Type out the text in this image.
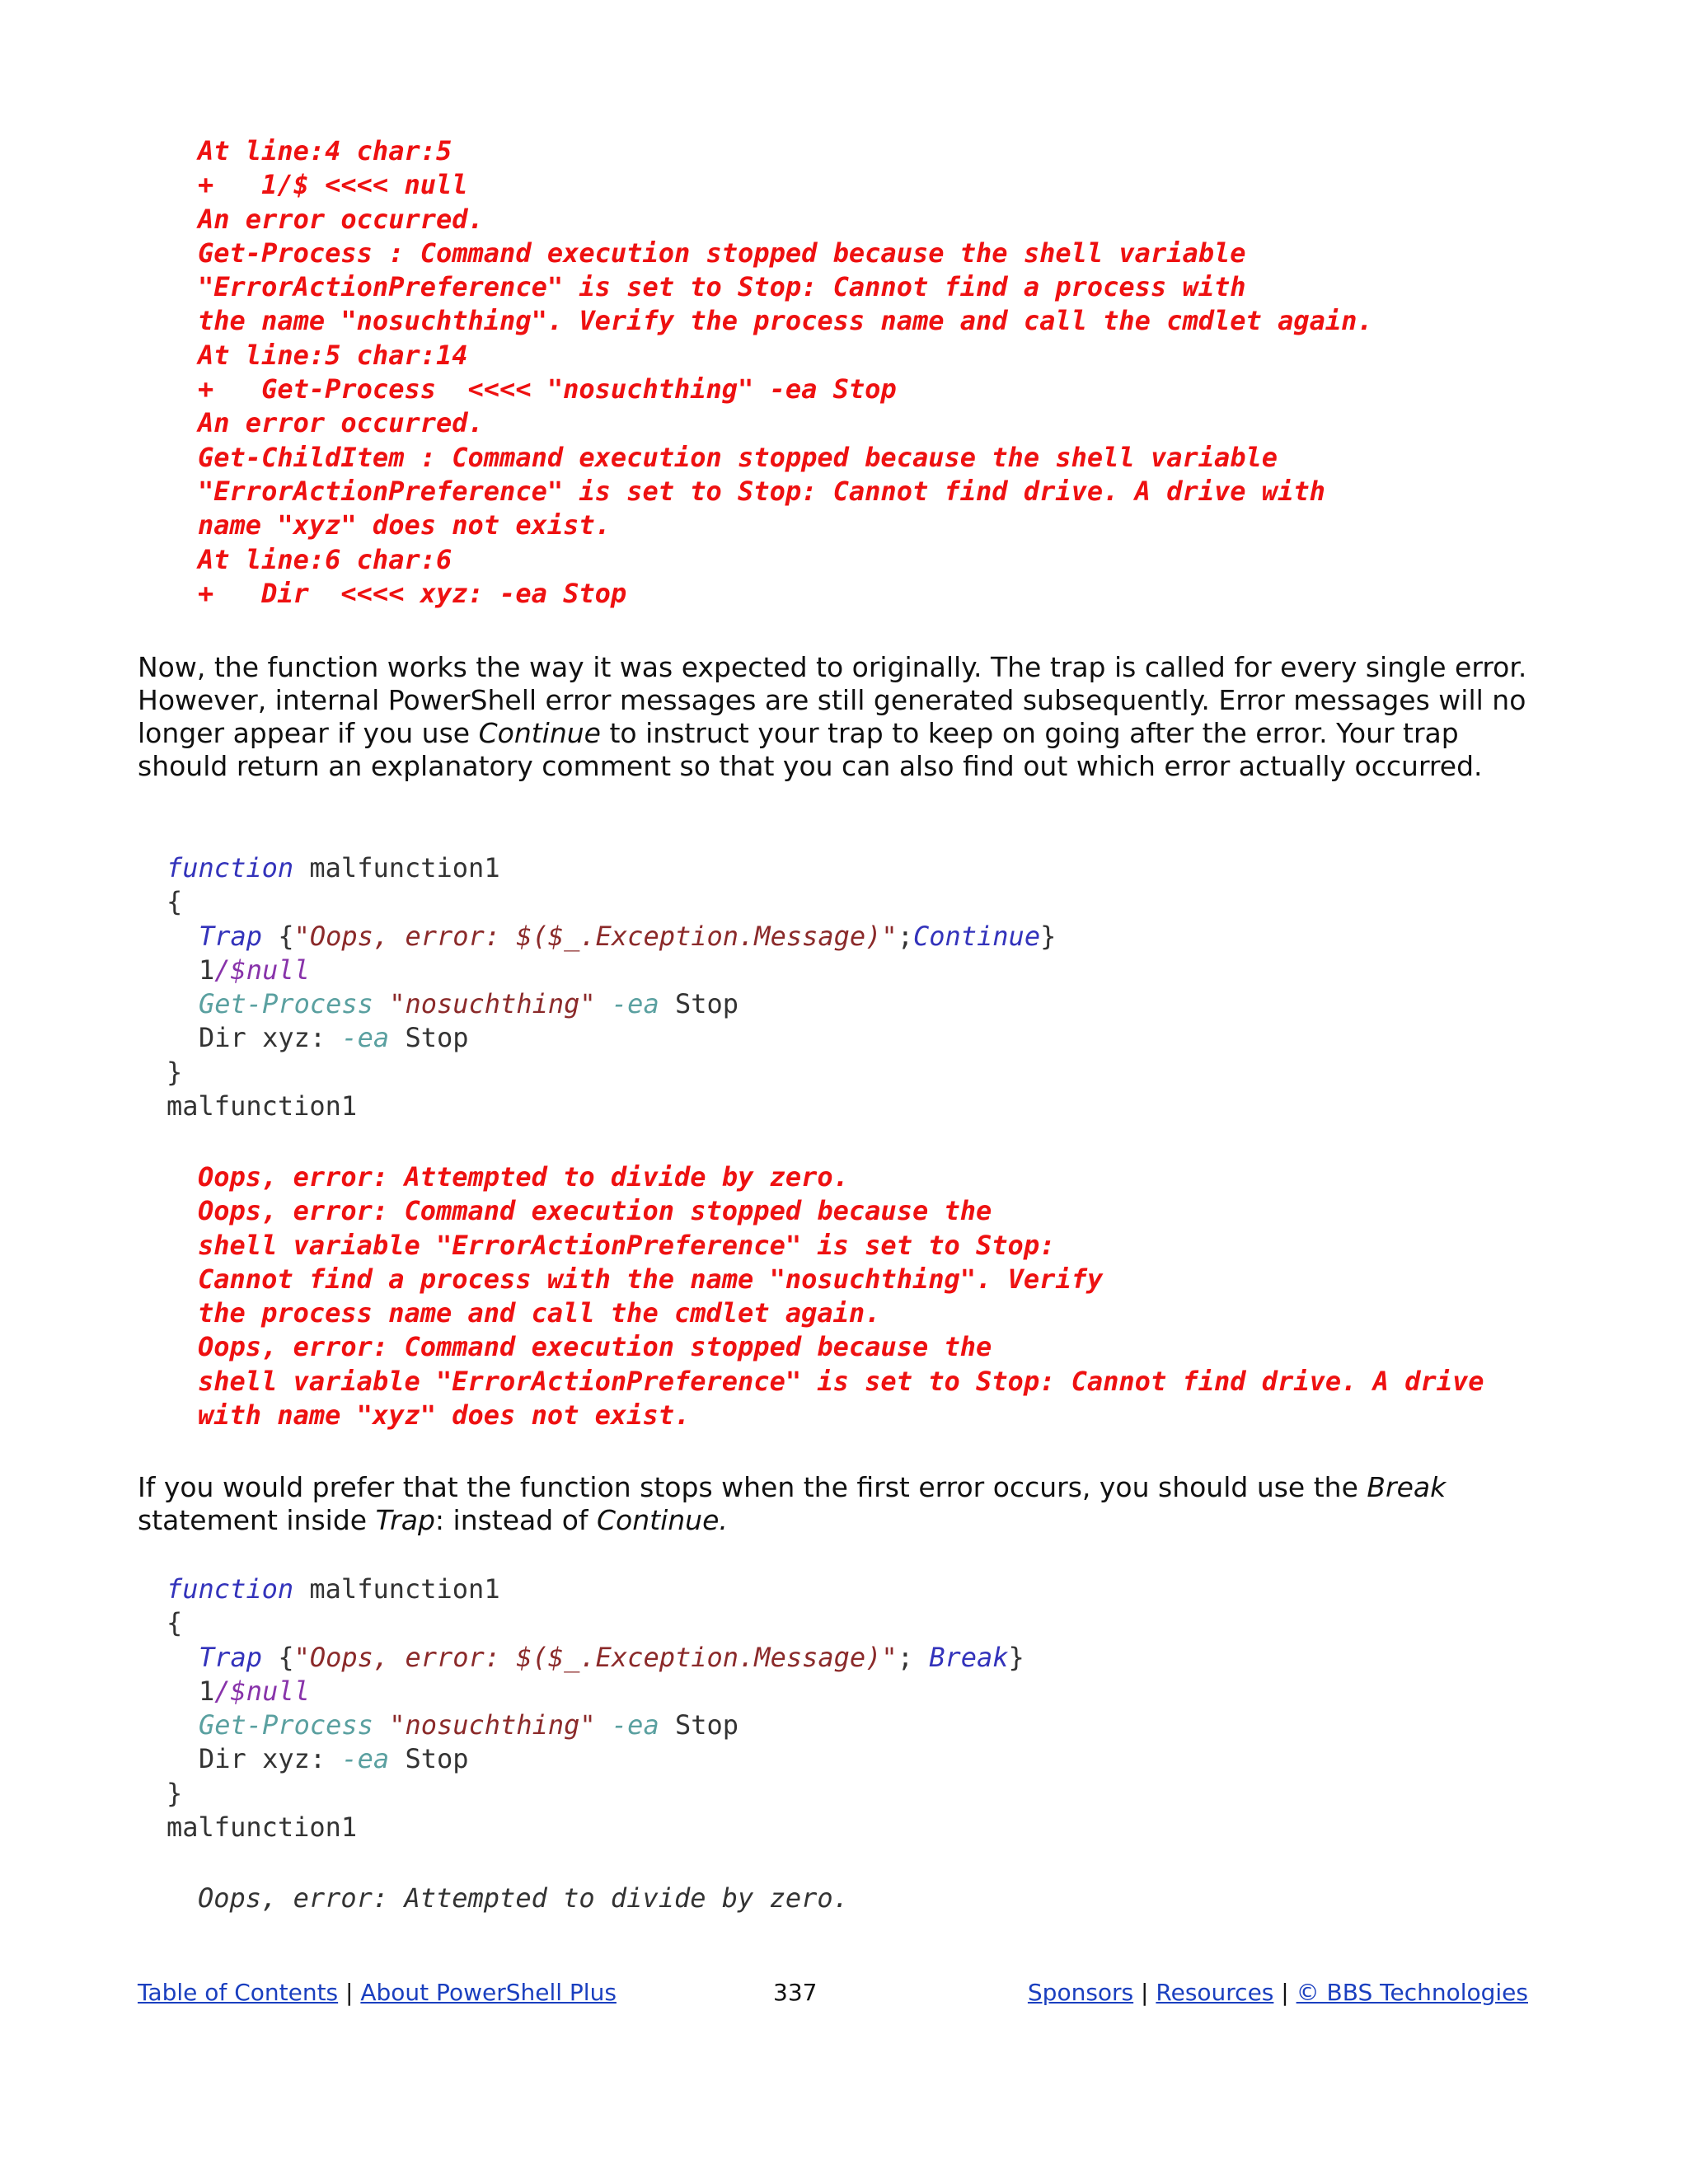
At line:4 char:5
+   1/$ <<<< null
An error occurred.
Get-Process : Command execution stopped because the shell variable
"ErrorActionPreference" is set to Stop: Cannot find a process with
the name "nosuchthing". Verify the process name and call the cmdlet again.
At line:5 char:14
+   Get-Process  <<<< "nosuchthing" -ea Stop
An error occurred.
Get-ChildItem : Command execution stopped because the shell variable
"ErrorActionPreference" is set to Stop: Cannot find drive. A drive with
name "xyz" does not exist.
At line:6 char:6
+   Dir  <<<< xyz: -ea Stop

Now, the function works the way it was expected to originally. The trap is called for every single error. However, internal PowerShell error messages are still generated subsequently. Error messages will no longer appear if you use Continue to instruct your trap to keep on going after the error. Your trap should return an explanatory comment so that you can also find out which error actually occurred.

function malfunction1
{
Trap {"Oops, error: $($_.Exception.Message)";Continue}
1/$null
Get-Process "nosuchthing" -ea Stop
Dir xyz: -ea Stop
}
malfunction1
Oops, error: Attempted to divide by zero.
Oops, error: Command execution stopped because the
shell variable "ErrorActionPreference" is set to Stop:
Cannot find a process with the name "nosuchthing". Verify
the process name and call the cmdlet again.
Oops, error: Command execution stopped because the
shell variable "ErrorActionPreference" is set to Stop: Cannot find drive. A drive
with name "xyz" does not exist.

If you would prefer that the function stops when the first error occurs, you should use the Break statement inside Trap: instead of Continue.

function malfunction1
{
Trap {"Oops, error: $($_.Exception.Message)"; Break}
1/$null
Get-Process "nosuchthing" -ea Stop
Dir xyz: -ea Stop
}
malfunction1
Oops, error: Attempted to divide by zero.
Table of Contents | About PowerShell Plus	337	Sponsors | Resources | © BBS Technologies
